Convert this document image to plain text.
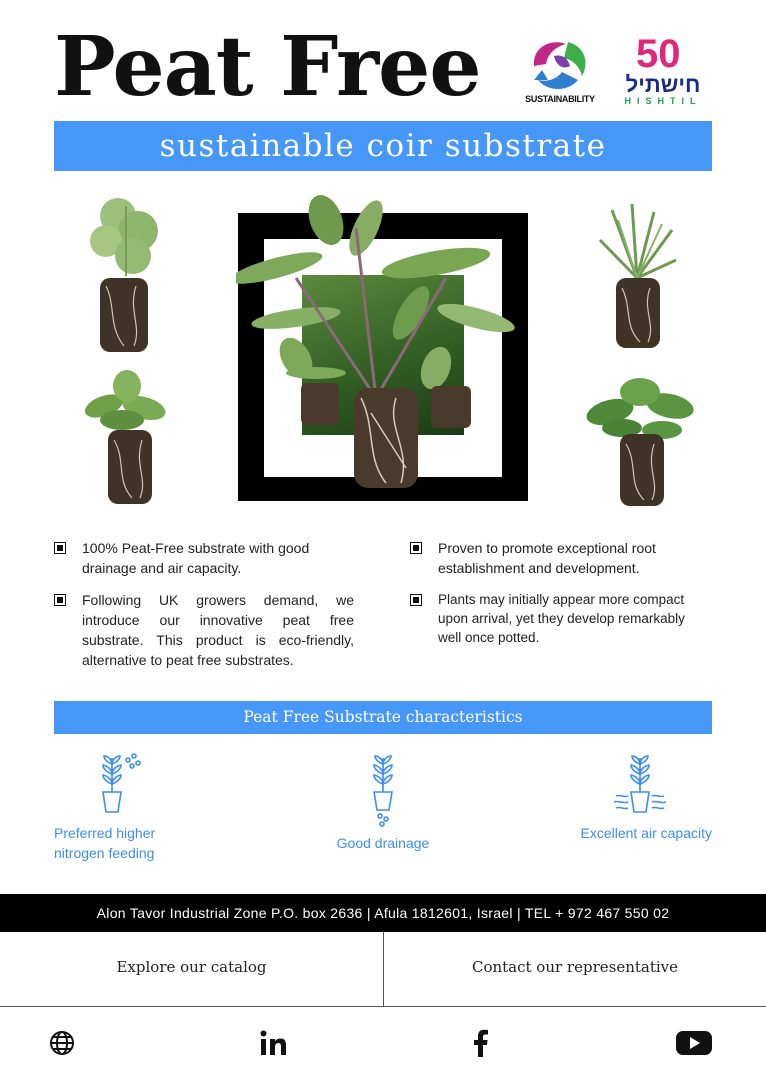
Peat Free	SUSTAINABILITY
50
חישתיל
HISHTIL
sustainable coir substrate
100% Peat-Free substrate with good drainage and air capacity.
Following UK growers demand, we introduce our innovative peat free substrate. This product is eco-friendly, alternative to peat free substrates.
Proven to promote exceptional root establishment and development.
Plants may initially appear more compact upon arrival, yet they develop remarkably well once potted.
Peat Free Substrate characteristics
Preferred higher
nitrogen feeding
Good drainage
Excellent air capacity
Alon Tavor Industrial Zone P.O. box 2636 | Afula 1812601, Israel | TEL + 972 467 550 02
Explore our catalog	Contact our representative
